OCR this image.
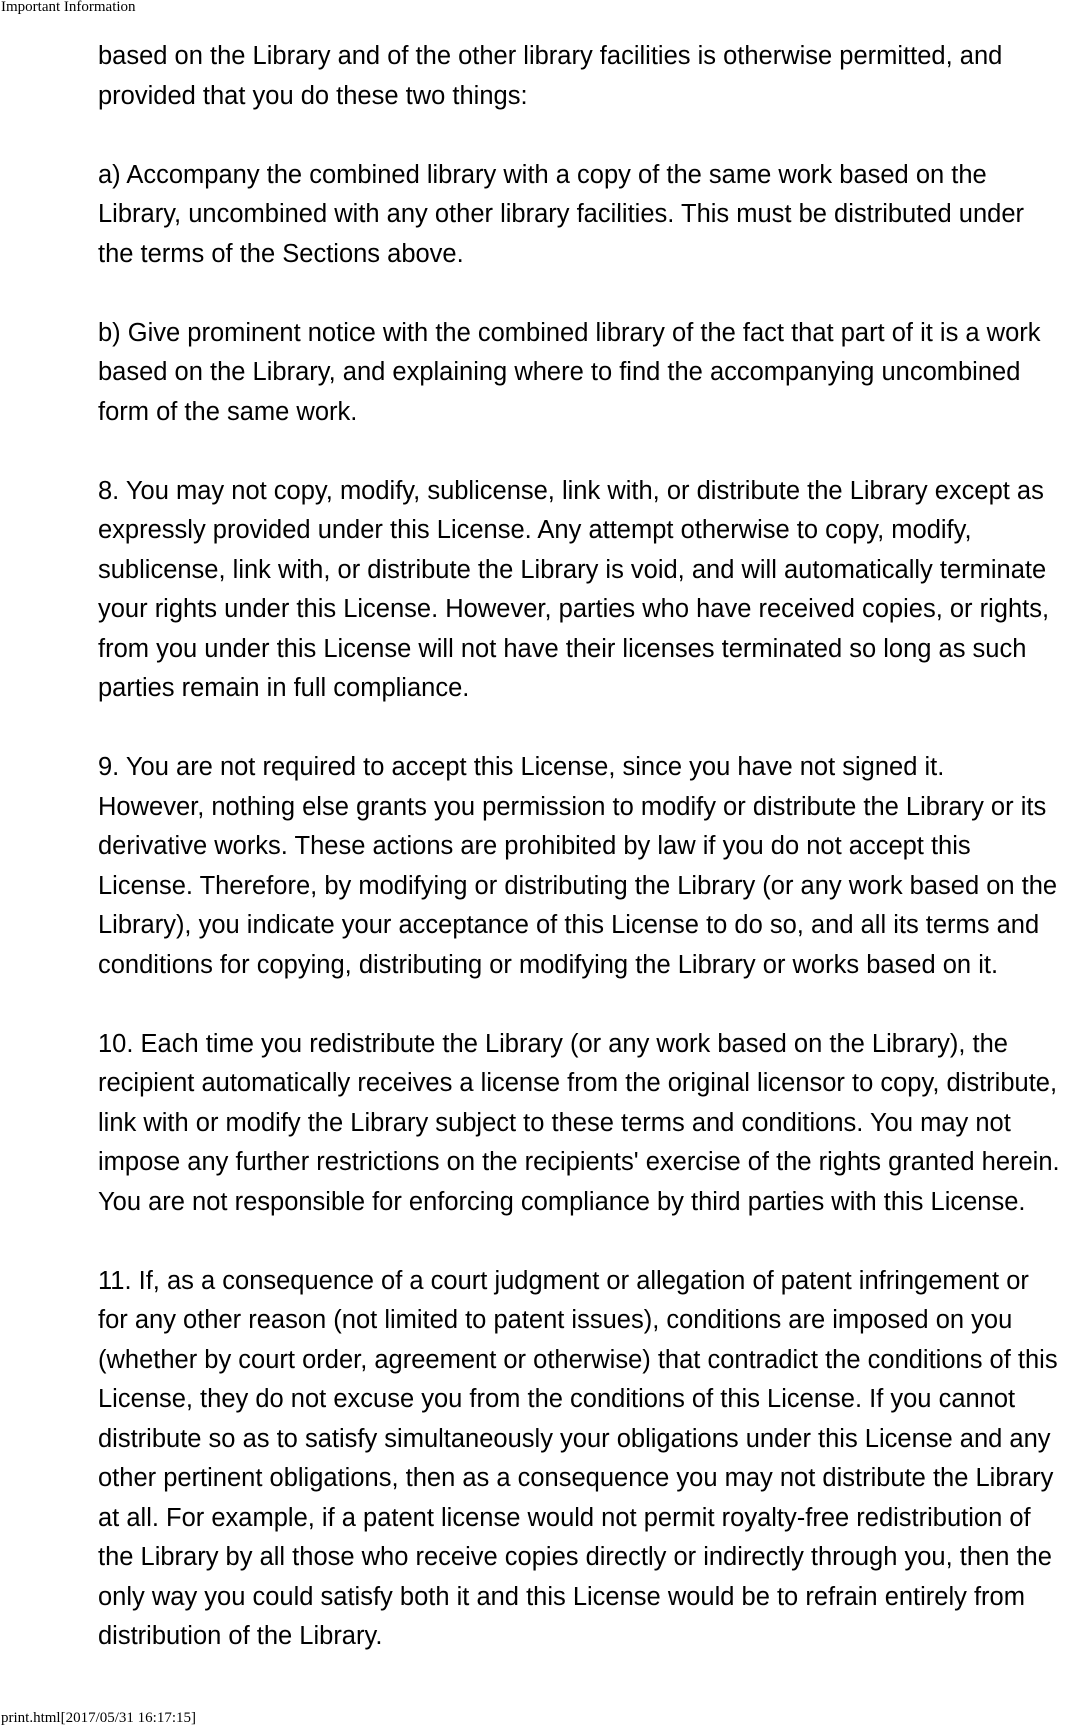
Important Information
based on the Library and of the other library facilities is otherwise permitted, and
provided that you do these two things:
a) Accompany the combined library with a copy of the same work based on the
Library, uncombined with any other library facilities. This must be distributed under
the terms of the Sections above.
b) Give prominent notice with the combined library of the fact that part of it is a work
based on the Library, and explaining where to find the accompanying uncombined
form of the same work.
8. You may not copy, modify, sublicense, link with, or distribute the Library except as
expressly provided under this License. Any attempt otherwise to copy, modify,
sublicense, link with, or distribute the Library is void, and will automatically terminate
your rights under this License. However, parties who have received copies, or rights,
from you under this License will not have their licenses terminated so long as such
parties remain in full compliance.
9. You are not required to accept this License, since you have not signed it.
However, nothing else grants you permission to modify or distribute the Library or its
derivative works. These actions are prohibited by law if you do not accept this
License. Therefore, by modifying or distributing the Library (or any work based on the
Library), you indicate your acceptance of this License to do so, and all its terms and
conditions for copying, distributing or modifying the Library or works based on it.
10. Each time you redistribute the Library (or any work based on the Library), the
recipient automatically receives a license from the original licensor to copy, distribute,
link with or modify the Library subject to these terms and conditions. You may not
impose any further restrictions on the recipients' exercise of the rights granted herein.
You are not responsible for enforcing compliance by third parties with this License.
11. If, as a consequence of a court judgment or allegation of patent infringement or
for any other reason (not limited to patent issues), conditions are imposed on you
(whether by court order, agreement or otherwise) that contradict the conditions of this
License, they do not excuse you from the conditions of this License. If you cannot
distribute so as to satisfy simultaneously your obligations under this License and any
other pertinent obligations, then as a consequence you may not distribute the Library
at all. For example, if a patent license would not permit royalty-free redistribution of
the Library by all those who receive copies directly or indirectly through you, then the
only way you could satisfy both it and this License would be to refrain entirely from
distribution of the Library.
print.html[2017/05/31 16:17:15]
